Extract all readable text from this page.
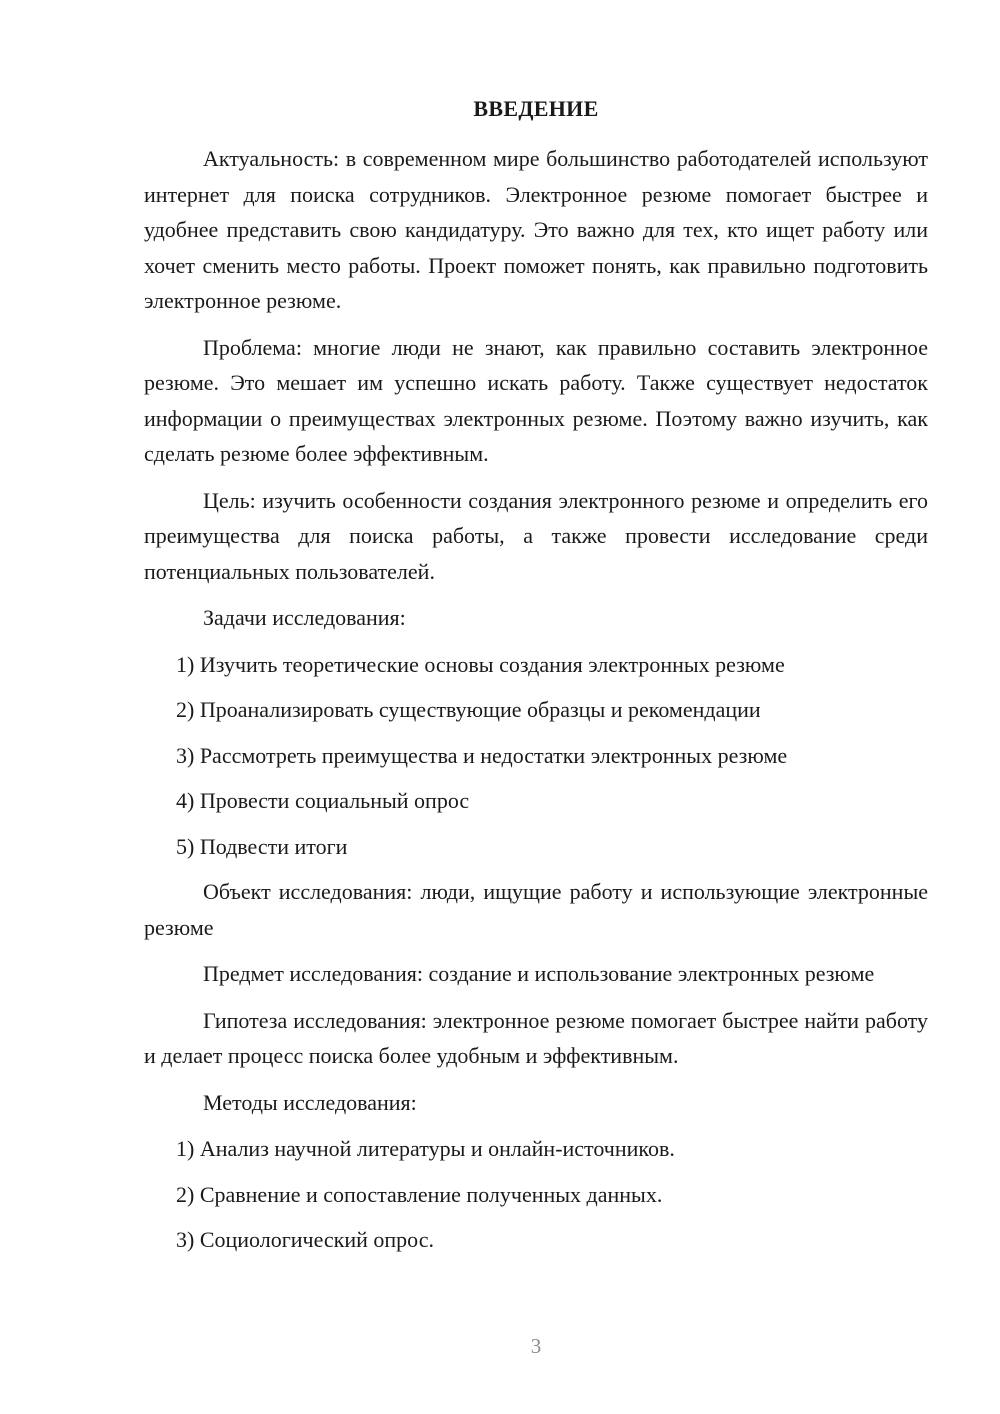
ВВЕДЕНИЕ

Актуальность: в современном мире большинство работодателей используют интернет для поиска сотрудников. Электронное резюме помогает быстрее и удобнее представить свою кандидатуру. Это важно для тех, кто ищет работу или хочет сменить место работы. Проект поможет понять, как правильно подготовить электронное резюме.

Проблема: многие люди не знают, как правильно составить электронное резюме. Это мешает им успешно искать работу. Также существует недостаток информации о преимуществах электронных резюме. Поэтому важно изучить, как сделать резюме более эффективным.

Цель: изучить особенности создания электронного резюме и определить его преимущества для поиска работы, а также провести исследование среди потенциальных пользователей.

Задачи исследования:

1) Изучить теоретические основы создания электронных резюме

2) Проанализировать существующие образцы и рекомендации

3) Рассмотреть преимущества и недостатки электронных резюме

4) Провести социальный опрос

5) Подвести итоги

Объект исследования: люди, ищущие работу и использующие электронные резюме

Предмет исследования: создание и использование электронных резюме

Гипотеза исследования: электронное резюме помогает быстрее найти работу и делает процесс поиска более удобным и эффективным.

Методы исследования:

1) Анализ научной литературы и онлайн-источников.

2) Сравнение и сопоставление полученных данных.

3) Социологический опрос.

3
